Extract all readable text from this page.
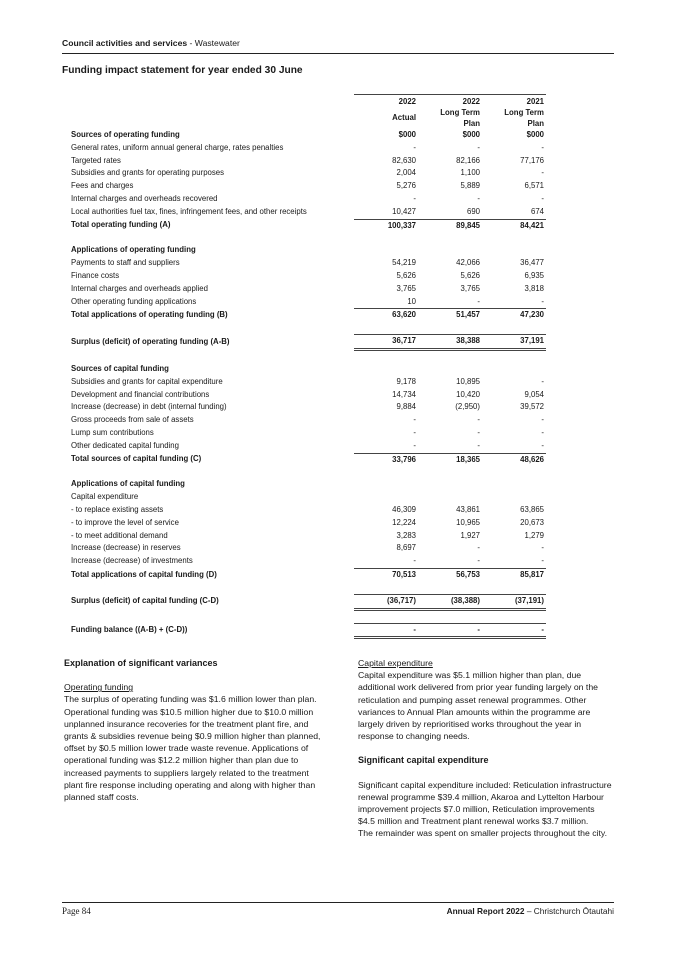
Council activities and services - Wastewater
Funding impact statement for year ended 30 June
	2022	2022	2021
		Long Term	Long Term
	Actual	Plan	Plan
Sources of operating funding	$000	$000	$000
General rates, uniform annual general charge, rates penalties	-	-	-
Targeted rates	82,630	82,166	77,176
Subsidies and grants for operating purposes	2,004	1,100	-
Fees and charges	5,276	5,889	6,571
Internal charges and overheads recovered	-	-	-
Local authorities fuel tax, fines, infringement fees, and other receipts	10,427	690	674
Total operating funding (A)	100,337	89,845	84,421

Applications of operating funding			
Payments to staff and suppliers	54,219	42,066	36,477
Finance costs	5,626	5,626	6,935
Internal charges and overheads applied	3,765	3,765	3,818
Other operating funding applications	10	-	-
Total applications of operating funding (B)	63,620	51,457	47,230

Surplus (deficit) of operating funding (A-B)	36,717	38,388	37,191

Sources of capital funding			
Subsidies and grants for capital expenditure	9,178	10,895	-
Development and financial contributions	14,734	10,420	9,054
Increase (decrease) in debt (internal funding)	9,884	(2,950)	39,572
Gross proceeds from sale of assets	-	-	-
Lump sum contributions	-	-	-
Other dedicated capital funding	-	-	-
Total sources of capital funding (C)	33,796	18,365	48,626

Applications of capital funding			
Capital expenditure			
- to replace existing assets	46,309	43,861	63,865
- to improve the level of service	12,224	10,965	20,673
- to meet additional demand	3,283	1,927	1,279
Increase (decrease) in reserves	8,697	-	-
Increase (decrease) of investments	-	-	-
Total applications of capital funding (D)	70,513	56,753	85,817

Surplus (deficit) of capital funding (C-D)	(36,717)	(38,388)	(37,191)

Funding balance ((A-B) + (C-D))	-	-	-

Explanation of significant variances

Operating funding

The surplus of operating funding was $1.6 million lower than plan. Operational funding was $10.5 million higher due to $10.0 million unplanned insurance recoveries for the treatment plant fire, and grants & subsidies revenue being $0.9 million higher than planned, offset by $0.5 million lower trade waste revenue. Applications of operational funding was $12.2 million higher than plan due to increased payments to suppliers largely related to the treatment plant fire response including operating and along with higher than planned staff costs.

Capital expenditure

Capital expenditure was $5.1 million higher than plan, due additional work delivered from prior year funding largely on the reticulation and pumping asset renewal programmes. Other variances to Annual Plan amounts within the programme are largely driven by reprioritised works throughout the year in response to changing needs.

Significant capital expenditure

Significant capital expenditure included: Reticulation infrastructure renewal programme $39.4 million, Akaroa and Lyttelton Harbour improvement projects $7.0 million, Reticulation improvements $4.5 million and Treatment plant renewal works $3.7 million.

The remainder was spent on smaller projects throughout the city.

Page 84	Annual Report 2022 – Christchurch Ōtautahi
